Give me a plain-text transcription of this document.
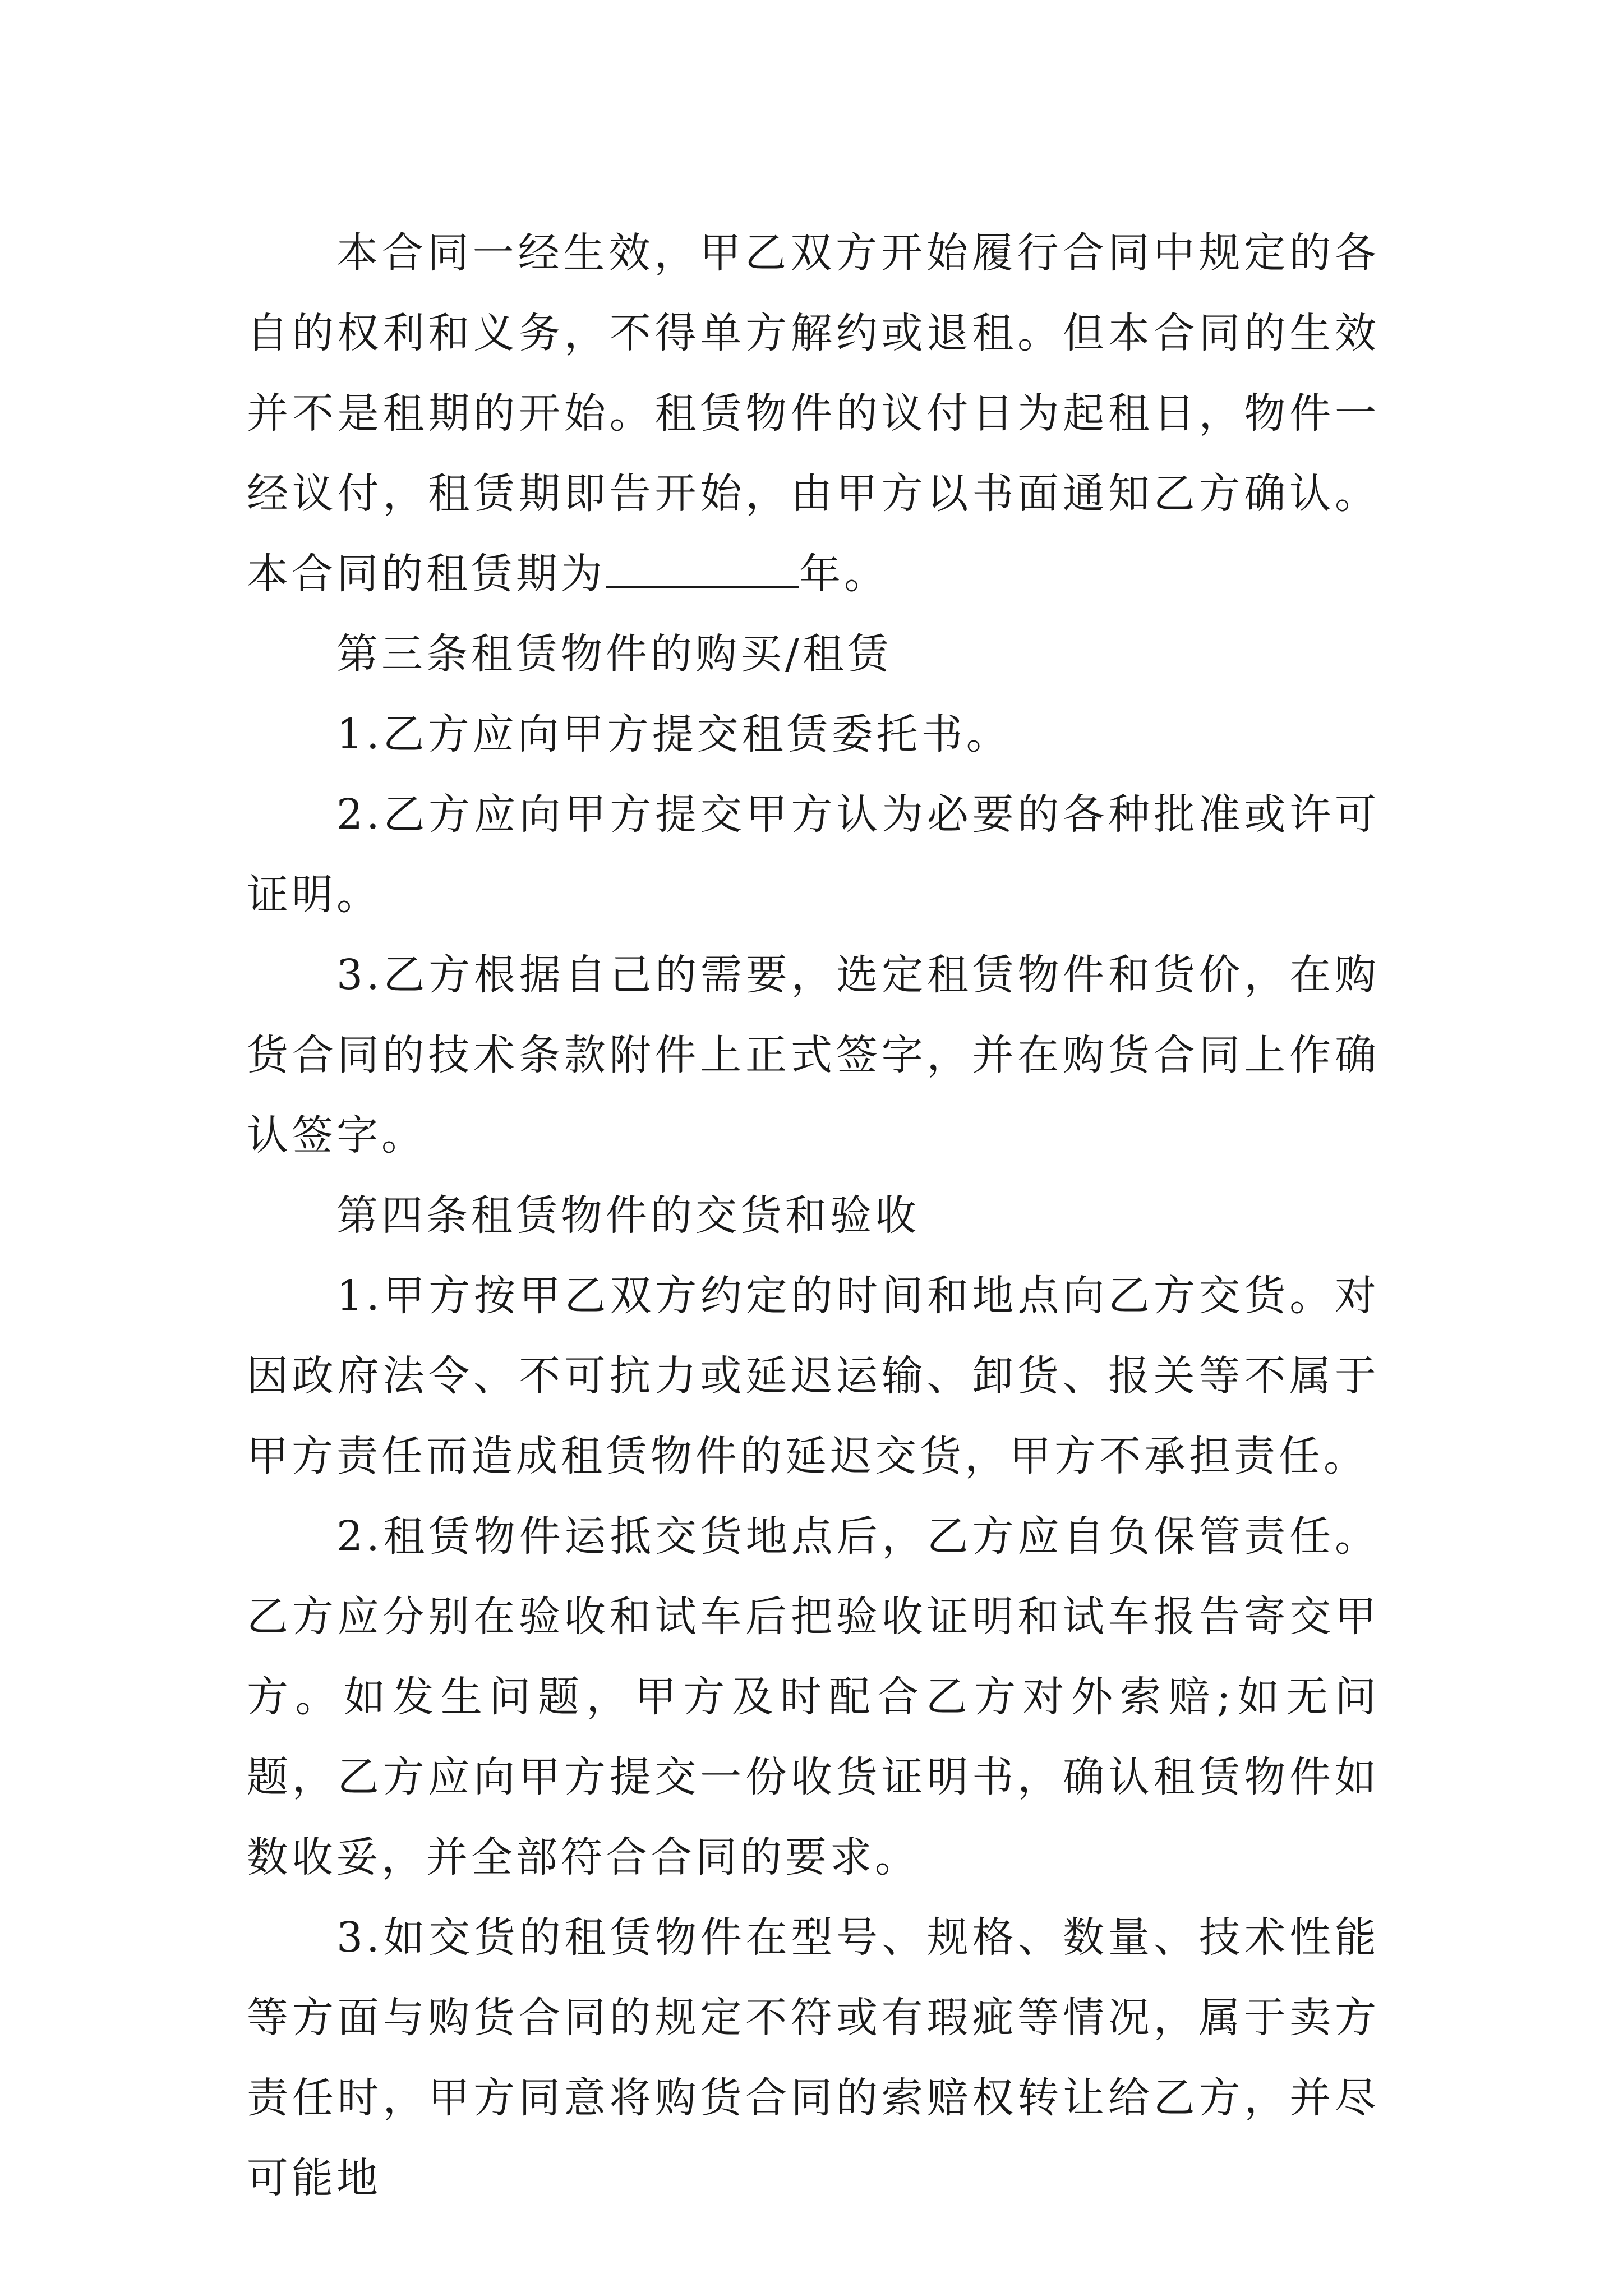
本合同一经生效，甲乙双方开始履行合同中规定的各自的权利和义务，不得单方解约或退租。但本合同的生效并不是租期的开始。租赁物件的议付日为起租日，物件一经议付，租赁期即告开始，由甲方以书面通知乙方确认。本合同的租赁期为	年。

第三条租赁物件的购买/租赁

1.乙方应向甲方提交租赁委托书。

2.乙方应向甲方提交甲方认为必要的各种批准或许可证明。

3.乙方根据自己的需要，选定租赁物件和货价，在购货合同的技术条款附件上正式签字，并在购货合同上作确认签字。

第四条租赁物件的交货和验收

1.甲方按甲乙双方约定的时间和地点向乙方交货。对因政府法令、不可抗力或延迟运输、卸货、报关等不属于甲方责任而造成租赁物件的延迟交货，甲方不承担责任。

2.租赁物件运抵交货地点后，乙方应自负保管责任。乙方应分别在验收和试车后把验收证明和试车报告寄交甲方。如发生问题，甲方及时配合乙方对外索赔;如无问题，乙方应向甲方提交一份收货证明书，确认租赁物件如数收妥，并全部符合合同的要求。

3.如交货的租赁物件在型号、规格、数量、技术性能等方面与购货合同的规定不符或有瑕疵等情况，属于卖方责任时，甲方同意将购货合同的索赔权转让给乙方，并尽可能地
